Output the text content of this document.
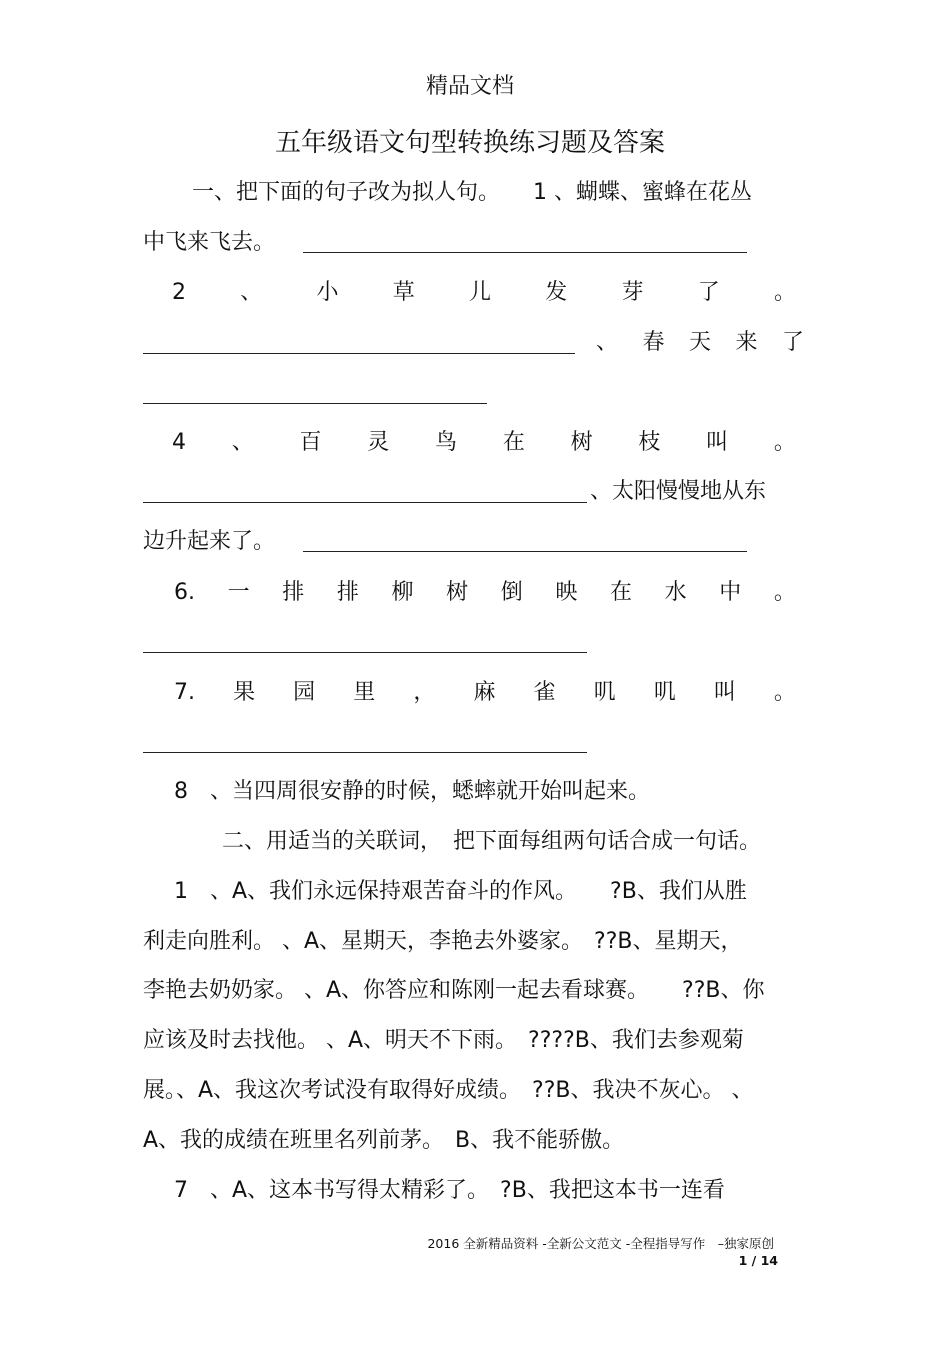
精品文档
五年级语文句型转换练习题及答案
一、把下面的句子改为拟人句。　　1 、蝴蝶、蜜蜂在花丛
中飞来飞去。
2 、 小 草 儿 发 芽 了 。
、 春 天 来 了
4 、 百 灵 鸟 在 树 枝 叫 。
、太阳慢慢地从东
边升起来了。
6. 一 排 排 柳 树 倒 映 在 水 中 。
7. 果 园 里 ， 麻 雀 叽 叽 叫 。
8　、当四周很安静的时候，蟋蟀就开始叫起来。
二、用适当的关联词，　把下面每组两句话合成一句话。
1　、A、我们永远保持艰苦奋斗的作风。　　?B、我们从胜
利走向胜利。 、A、星期天，李艳去外婆家。　??B、星期天，
李艳去奶奶家。 、A、你答应和陈刚一起去看球赛。　　??B、你
应该及时去找他。 、A、明天不下雨。　????B、我们去参观菊
展。、A、我这次考试没有取得好成绩。　??B、我决不灰心。 、
A、我的成绩在班里名列前茅。　B、我不能骄傲。
7　、A、这本书写得太精彩了。　?B、我把这本书一连看
2016 全新精品资料 -全新公文范文 -全程指导写作　–独家原创
1 / 14
